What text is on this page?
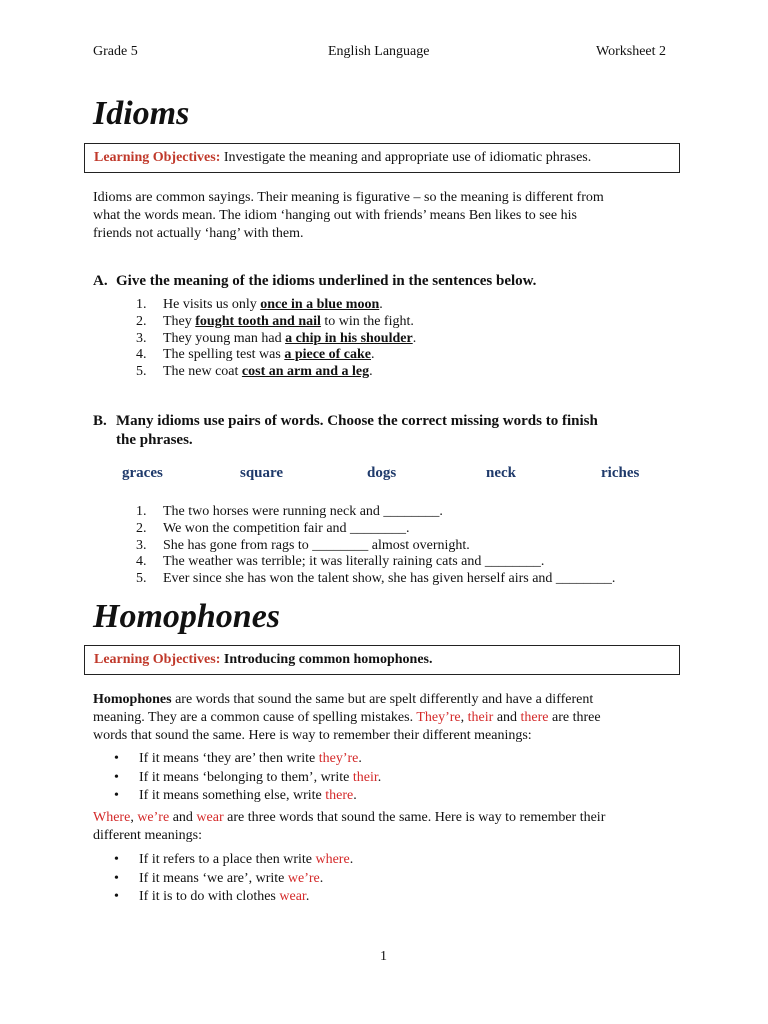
Grade 5	English Language	Worksheet 2
Idioms
Learning Objectives: Investigate the meaning and appropriate use of idiomatic phrases.
Idioms are common sayings. Their meaning is figurative – so the meaning is different from
what the words mean. The idiom ‘hanging out with friends’ means Ben likes to see his
friends not actually ‘hang’ with them.
A. Give the meaning of the idioms underlined in the sentences below.
1. He visits us only once in a blue moon.
2. They fought tooth and nail to win the fight.
3. They young man had a chip in his shoulder.
4. The spelling test was a piece of cake.
5. The new coat cost an arm and a leg.
B. Many idioms use pairs of words. Choose the correct missing words to finish
the phrases.
graces	square	dogs	neck	riches
1. The two horses were running neck and ________.
2. We won the competition fair and ________.
3. She has gone from rags to ________ almost overnight.
4. The weather was terrible; it was literally raining cats and ________.
5. Ever since she has won the talent show, she has given herself airs and ________.
Homophones
Learning Objectives: Introducing common homophones.
Homophones are words that sound the same but are spelt differently and have a different
meaning. They are a common cause of spelling mistakes. They’re, their and there are three
words that sound the same. Here is way to remember their different meanings:
• If it means ‘they are’ then write they’re.
• If it means ‘belonging to them’, write their.
• If it means something else, write there.
Where, we’re and wear are three words that sound the same. Here is way to remember their
different meanings:
• If it refers to a place then write where.
• If it means ‘we are’, write we’re.
• If it is to do with clothes wear.
1
